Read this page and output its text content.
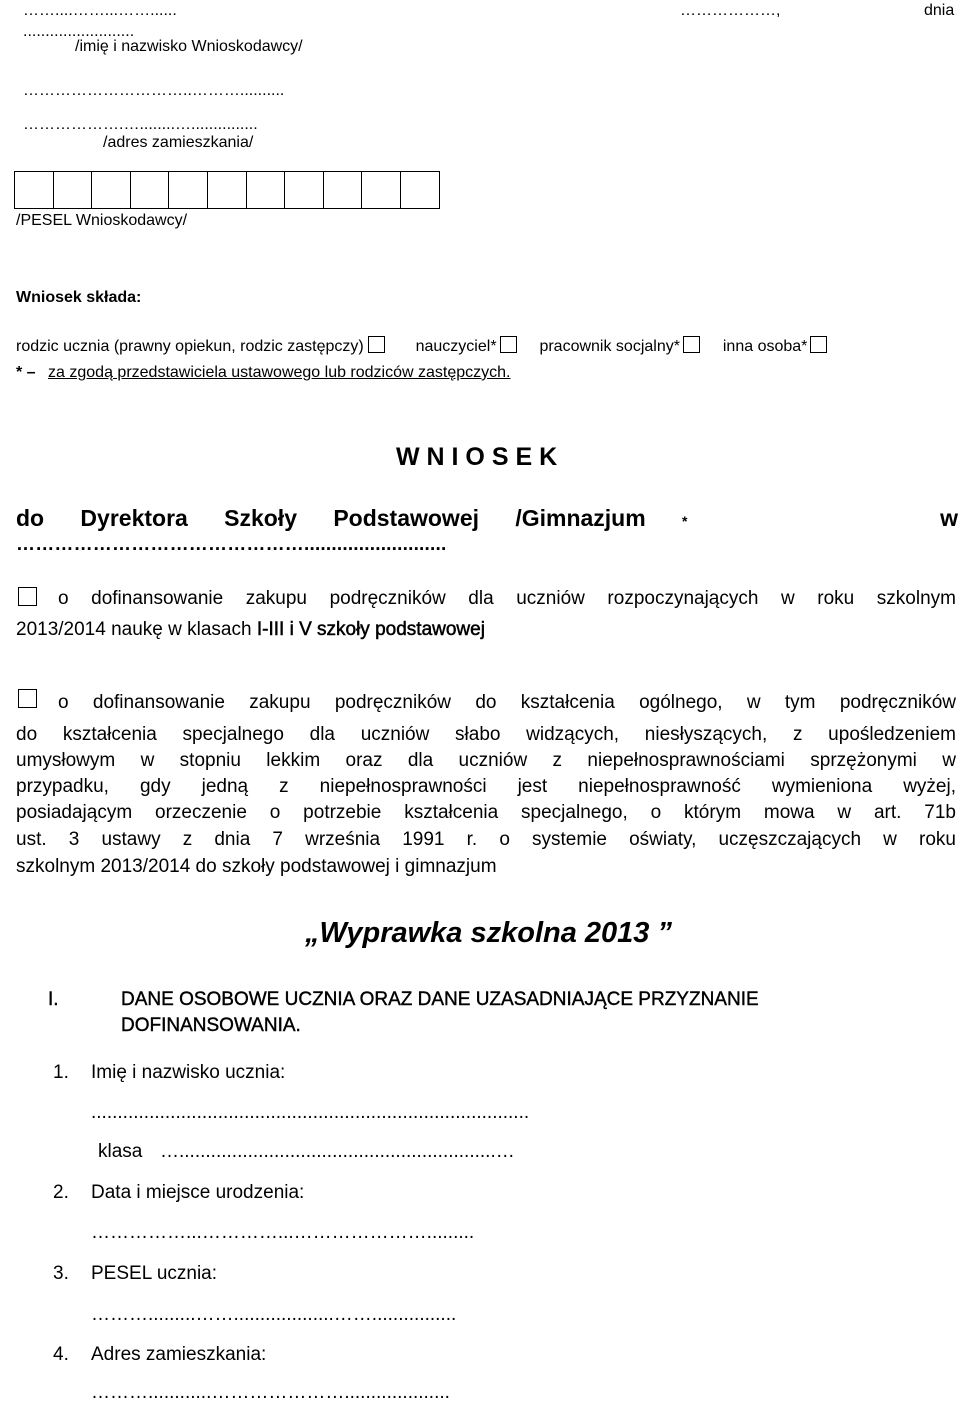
……....……...……......	………………,	dnia
.........................
/imię i nazwisko Wnioskodawcy/
…………………………..………..........
……………….…........…...............
/adres zamieszkania/
/PESEL Wnioskodawcy/
Wniosek składa:
rodzic ucznia (prawny opiekun, rodzic zastępczy)	nauczyciel*	pracownik socjalny*	inna osoba*
* – za zgodą przedstawiciela ustawowego lub rodziców zastępczych.
W N I O S E K
do Dyrektora Szkoły Podstawowej /Gimnazjum	*	w
………………………………………..........................
o dofinansowanie zakupu podręczników dla uczniów rozpoczynających w roku szkolnym
2013/2014 naukę w klasach I-III i V szkoły podstawowej
o dofinansowanie zakupu podręczników do kształcenia ogólnego, w tym podręczników
do kształcenia specjalnego dla uczniów słabo widzących, niesłyszących, z upośledzeniem
umysłowym w stopniu lekkim oraz dla uczniów z niepełnosprawnościami sprzężonymi w
przypadku, gdy jedną z niepełnosprawności jest niepełnosprawność wymieniona wyżej,
posiadającym orzeczenie o potrzebie kształcenia specjalnego, o którym mowa w art. 71b
ust. 3 ustawy z dnia 7 września 1991 r. o systemie oświaty, uczęszczających w roku
szkolnym 2013/2014 do szkoły podstawowej i gimnazjum
„Wyprawka szkolna 2013 ”
I.	DANE OSOBOWE UCZNIA ORAZ DANE UZASADNIAJĄCE PRZYZNANIE
DOFINANSOWANIA.
1. Imię i nazwisko ucznia:
...................................................................................
klasa …............................................................…
2. Data i miejsce urodzenia:
……………...…………...………………….........
3. PESEL ucznia:
……….........……...................……................
4. Adres zamieszkania:
………............…………………....................
